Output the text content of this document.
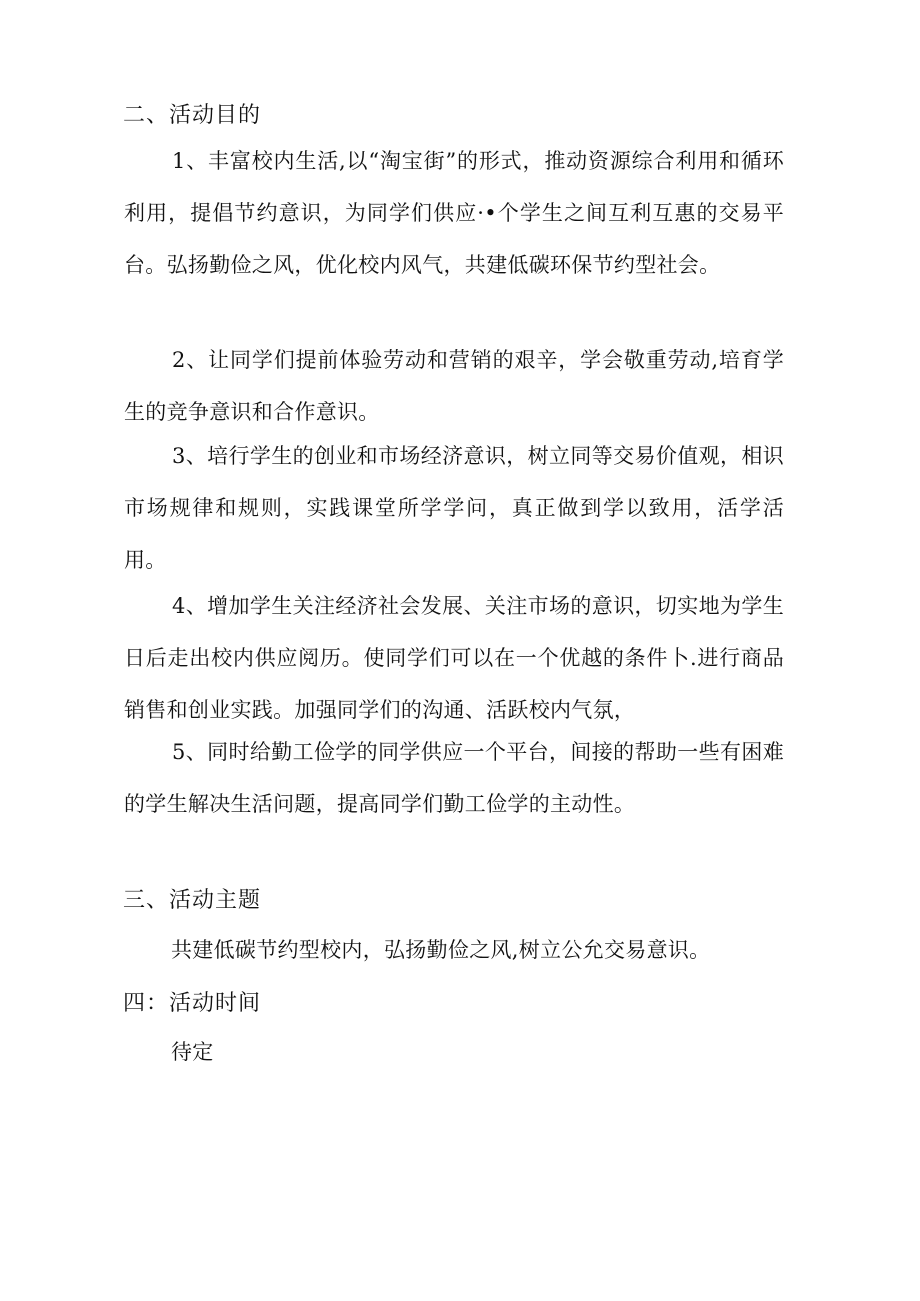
二、活动目的
1、丰富校内生活,以“淘宝街”的形式，推动资源综合利用和循环利用，提倡节约意识，为同学们供应·•个学生之间互利互惠的交易平台。弘扬勤俭之风，优化校内风气，共建低碳环保节约型社会。
2、让同学们提前体验劳动和营销的艰辛，学会敬重劳动,培育学生的竞争意识和合作意识。
3、培行学生的创业和市场经济意识，树立同等交易价值观，相识市场规律和规则，实践课堂所学学问，真正做到学以致用，活学活用。
4、增加学生关注经济社会发展、关注市场的意识，切实地为学生日后走出校内供应阅历。使同学们可以在一个优越的条件卜.进行商品销售和创业实践。加强同学们的沟通、活跃校内气氛，
5、同时给勤工俭学的同学供应一个平台，间接的帮助一些有困难的学生解决生活问题，提高同学们勤工俭学的主动性。
三、活动主题
共建低碳节约型校内，弘扬勤俭之风,树立公允交易意识。
四：活动时间
待定
